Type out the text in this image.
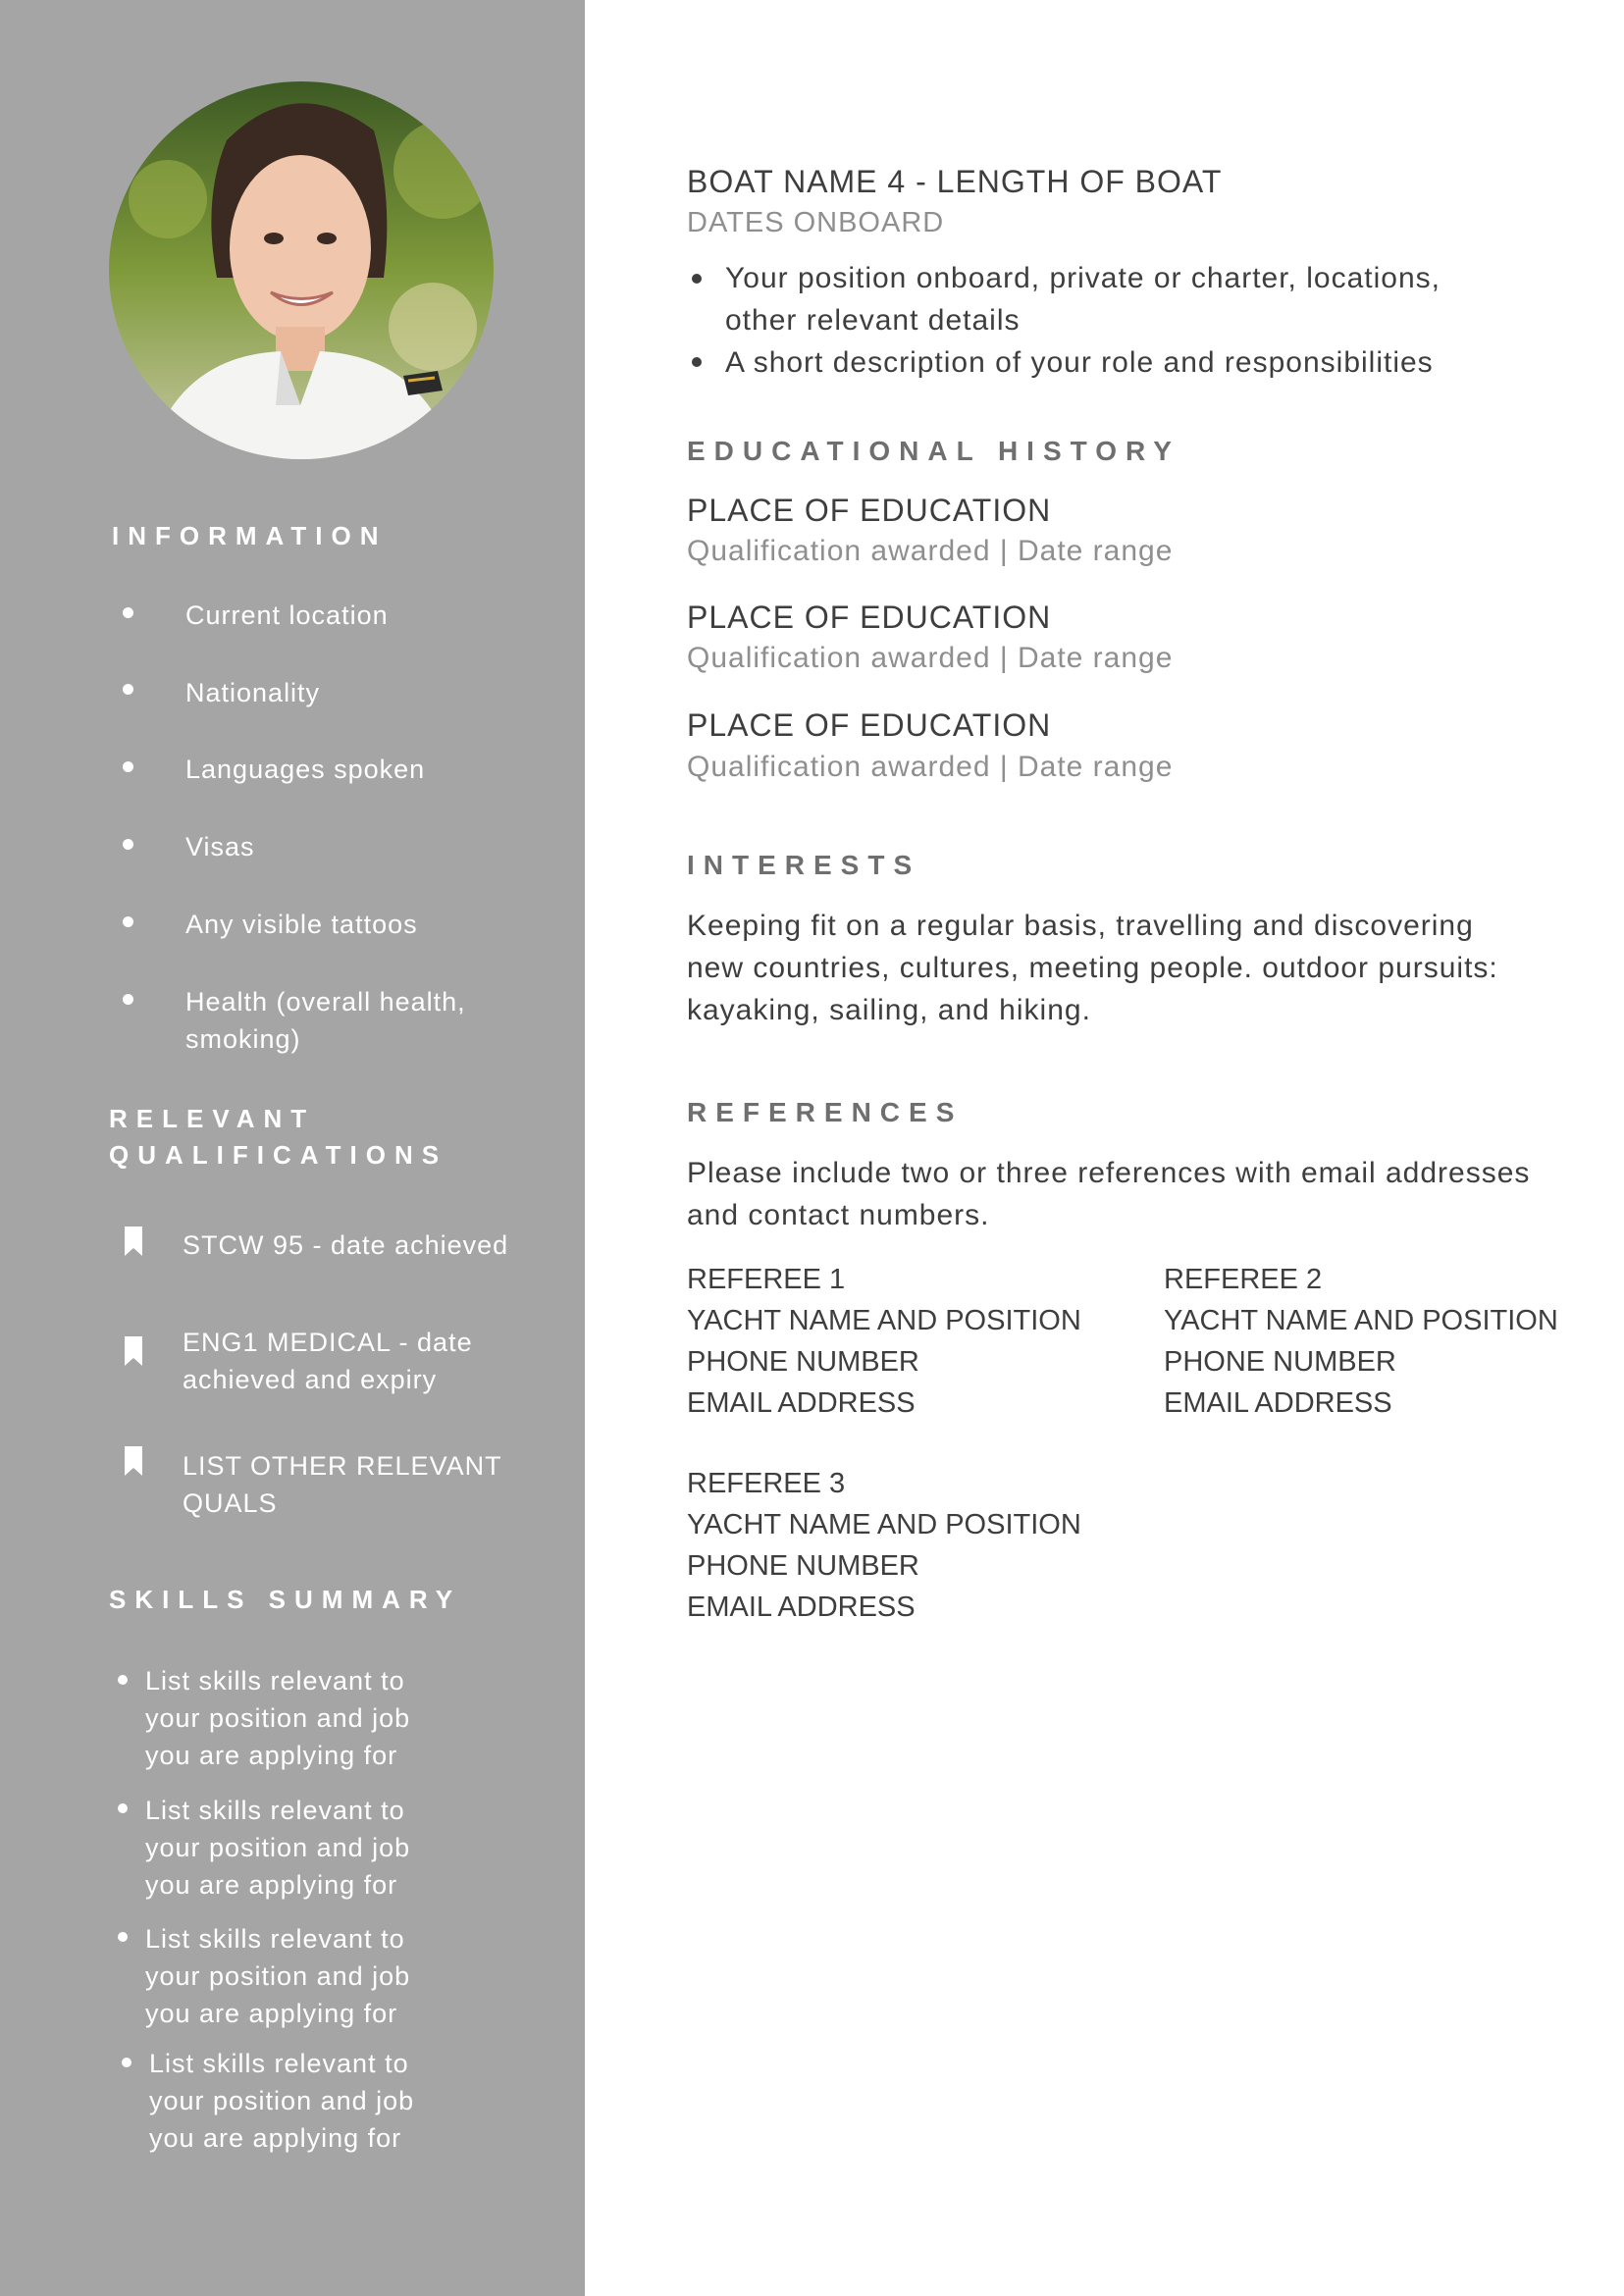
INFORMATION
Current location
Nationality
Languages spoken
Visas
Any visible tattoos
Health (overall health,
smoking)
RELEVANT
QUALIFICATIONS
STCW 95 - date achieved
ENG1 MEDICAL - date
achieved and expiry
LIST OTHER RELEVANT
QUALS
SKILLS SUMMARY
List skills relevant to
your position and job
you are applying for
List skills relevant to
your position and job
you are applying for
List skills relevant to
your position and job
you are applying for
List skills relevant to
your position and job
you are applying for
BOAT NAME 4 - LENGTH OF BOAT
DATES ONBOARD
Your position onboard, private or charter, locations,
other relevant details
A short description of your role and responsibilities
EDUCATIONAL HISTORY
PLACE OF EDUCATION
Qualification awarded | Date range
PLACE OF EDUCATION
Qualification awarded | Date range
PLACE OF EDUCATION
Qualification awarded | Date range
INTERESTS
Keeping fit on a regular basis, travelling and discovering
new countries, cultures, meeting people. outdoor pursuits:
kayaking, sailing, and hiking.
REFERENCES
Please include two or three references with email addresses
and contact numbers.
REFEREE 1
YACHT NAME AND POSITION
PHONE NUMBER
EMAIL ADDRESS
REFEREE 2
YACHT NAME AND POSITION
PHONE NUMBER
EMAIL ADDRESS
REFEREE 3
YACHT NAME AND POSITION
PHONE NUMBER
EMAIL ADDRESS
